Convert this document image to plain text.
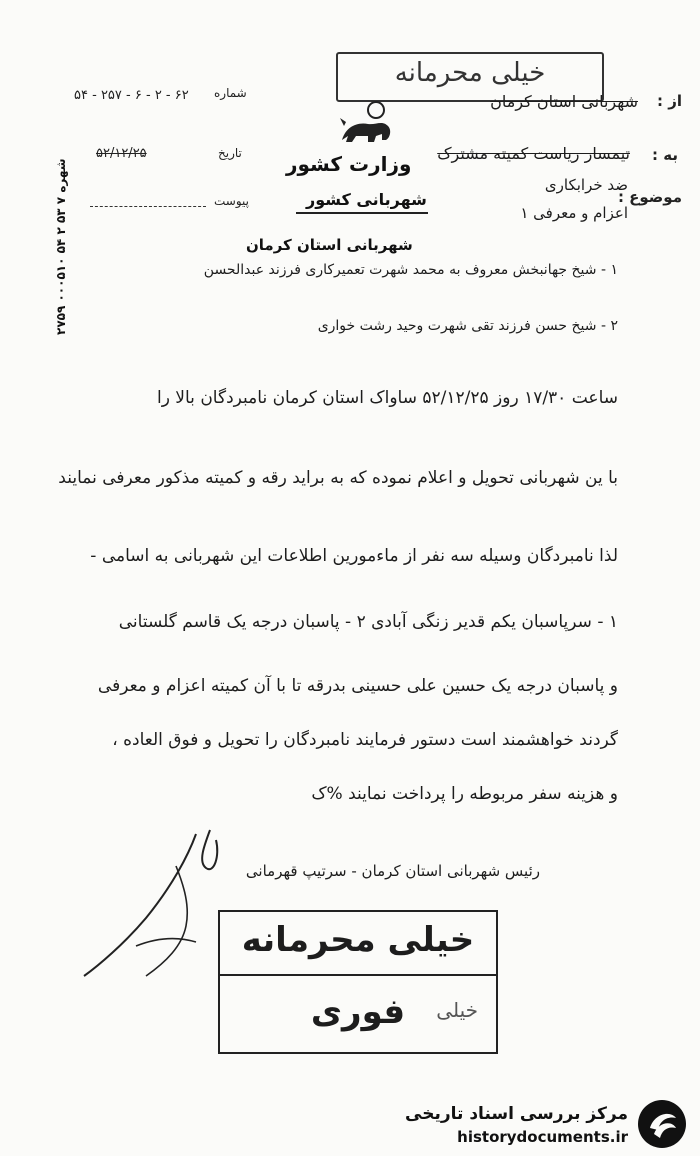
۲۷۵۹ ۰۰۰۵۱۰ شهره ۷ ۵۳ ۲ ۵۴
خیلی محرمانه
از :
شهربانی استان کرمان
به :
تیمسار ریاست کمیته مشترک
وزارت کشور
شهربانی کشور	موضوع :
ضد خرابکاری
اعزام و معرفی ۱
شماره
۶۲ - ۲ - ۶ - ۲۵۷ - ۵۴
تاریخ
۵۲/۱۲/۲۵
پیوست
شهربانی استان کرمان
۱ - شیخ جهانبخش معروف به محمد شهرت تعمیرکاری فرزند عبدالحسن
۲ - شیخ حسن فرزند تقی شهرت وحید رشت خواری
ساعت ۱۷/۳۰ روز ۵۲/۱۲/۲۵ ساواک استان کرمان نامبردگان بالا را
با ین شهربانی تحویل و اعلام نموده که به براید رقه و کمیته مذکور معرفی نمایند
لذا نامبردگان وسیله سه نفر از ماءمورین اطلاعات این شهربانی به اسامی -
۱ - سرپاسبان یکم قدیر زنگی آبادی ۲ - پاسبان درجه یک قاسم گلستانی
و پاسبان درجه یک حسین علی حسینی بدرقه تا با آن کمیته اعزام و معرفی
گردند خواهشمند است دستور فرمایند نامبردگان را تحویل و فوق العاده ،
و هزینه سفر مربوطه را پرداخت نمایند %ک
رئیس شهربانی استان کرمان - سرتیپ قهرمانی
خیلی محرمانه
فوری	خیلی
مرکز بررسی اسناد تاریخی
historydocuments.ir
